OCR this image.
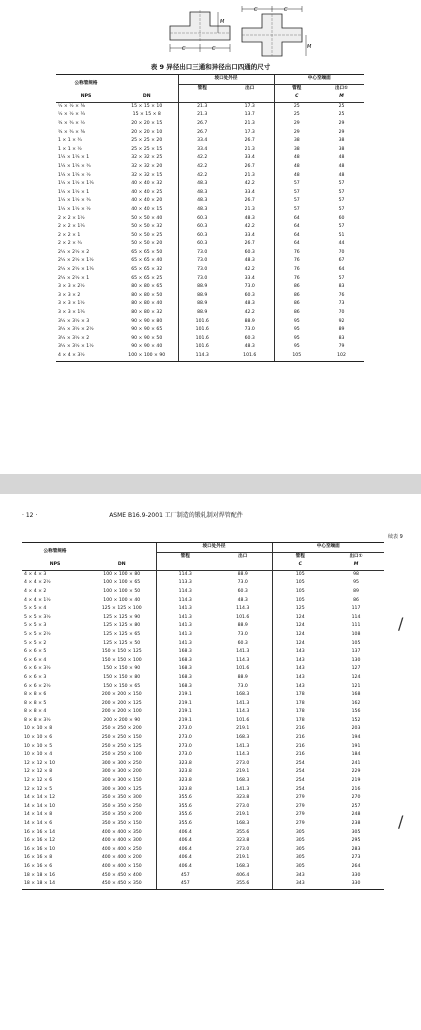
C	C
M
C	C
M
表 9 异径出口三通和异径出口四通的尺寸
公称管规格		坡口处外径		中心至端面	
		管程	出口	管程	出口①
NPS	DN			C	M
½ × ½ × ⅜	15 × 15 × 10	21.3	17.3	25	25
½ × ½ × ¼	15 × 15 × 8	21.3	13.7	25	25
¾ × ¾ × ½	20 × 20 × 15	26.7	21.3	29	29
¾ × ¾ × ⅜	20 × 20 × 10	26.7	17.3	29	29
1 × 1 × ¾	25 × 25 × 20	33.4	26.7	38	38
1 × 1 × ½	25 × 25 × 15	33.4	21.3	38	38
1¼ × 1¼ × 1	32 × 32 × 25	42.2	33.4	48	48
1¼ × 1¼ × ¾	32 × 32 × 20	42.2	26.7	48	48
1¼ × 1¼ × ½	32 × 32 × 15	42.2	21.3	48	48
1½ × 1½ × 1¼	40 × 40 × 32	48.3	42.2	57	57
1½ × 1½ × 1	40 × 40 × 25	48.3	33.4	57	57
1½ × 1½ × ¾	40 × 40 × 20	48.3	26.7	57	57
1½ × 1½ × ½	40 × 40 × 15	48.3	21.3	57	57
2 × 2 × 1½	50 × 50 × 40	60.3	48.3	64	60
2 × 2 × 1¼	50 × 50 × 32	60.3	42.2	64	57
2 × 2 × 1	50 × 50 × 25	60.3	33.4	64	51
2 × 2 × ¾	50 × 50 × 20	60.3	26.7	64	44
2½ × 2½ × 2	65 × 65 × 50	73.0	60.3	76	70
2½ × 2½ × 1½	65 × 65 × 40	73.0	48.3	76	67
2½ × 2½ × 1¼	65 × 65 × 32	73.0	42.2	76	64
2½ × 2½ × 1	65 × 65 × 25	73.0	33.4	76	57
3 × 3 × 2½	80 × 80 × 65	88.9	73.0	86	83
3 × 3 × 2	80 × 80 × 50	88.9	60.3	86	76
3 × 3 × 1½	80 × 80 × 40	88.9	48.3	86	73
3 × 3 × 1¼	80 × 80 × 32	88.9	42.2	86	70
3½ × 3½ × 3	90 × 90 × 80	101.6	88.9	95	92
3½ × 3½ × 2½	90 × 90 × 65	101.6	73.0	95	89
3½ × 3½ × 2	90 × 90 × 50	101.6	60.3	95	83
3½ × 3½ × 1½	90 × 90 × 40	101.6	48.3	95	79
4 × 4 × 3½	100 × 100 × 90	114.3	101.6	105	102
· 12 ·	ASME B16.9-2001 工厂制造的锻轧制对焊管配件
续表 9
公称管规格		坡口处外径		中心至端面	
		管程	出口	管程	出口①
NPS	DN			C	M
4 × 4 × 3	100 × 100 × 80	114.3	88.9	105	98
4 × 4 × 2½	100 × 100 × 65	113.3	73.0	105	95
4 × 4 × 2	100 × 100 × 50	114.3	60.3	105	89
4 × 4 × 1½	100 × 100 × 40	114.3	48.3	105	86
5 × 5 × 4	125 × 125 × 100	141.3	114.3	125	117
5 × 5 × 3½	125 × 125 × 90	141.3	101.6	124	114
5 × 5 × 3	125 × 125 × 80	141.3	88.9	124	111
5 × 5 × 2½	125 × 125 × 65	141.3	73.0	124	108
5 × 5 × 2	125 × 125 × 50	141.3	60.3	124	105
6 × 6 × 5	150 × 150 × 125	168.3	141.3	143	137
6 × 6 × 4	150 × 150 × 100	168.3	114.3	143	130
6 × 6 × 3½	150 × 150 × 90	168.3	101.6	143	127
6 × 6 × 3	150 × 150 × 80	168.3	88.9	143	124
6 × 6 × 2½	150 × 150 × 65	168.3	73.0	143	121
8 × 8 × 6	200 × 200 × 150	219.1	168.3	178	168
8 × 8 × 5	200 × 200 × 125	219.1	141.3	178	162
8 × 8 × 4	200 × 200 × 100	219.1	114.3	178	156
8 × 8 × 3½	200 × 200 × 90	219.1	101.6	178	152
10 × 10 × 8	250 × 250 × 200	273.0	219.1	216	203
10 × 10 × 6	250 × 250 × 150	273.0	168.3	216	194
10 × 10 × 5	250 × 250 × 125	273.0	141.3	216	191
10 × 10 × 4	250 × 250 × 100	273.0	114.3	216	184
12 × 12 × 10	300 × 300 × 250	323.8	273.0	254	241
12 × 12 × 8	300 × 300 × 200	323.8	219.1	254	229
12 × 12 × 6	300 × 300 × 150	323.8	168.3	254	219
12 × 12 × 5	300 × 300 × 125	323.8	141.3	254	216
14 × 14 × 12	350 × 350 × 300	355.6	323.8	279	270
14 × 14 × 10	350 × 350 × 250	355.6	273.0	279	257
14 × 14 × 8	350 × 350 × 200	355.6	219.1	279	248
14 × 14 × 6	350 × 350 × 150	355.6	168.3	279	238
16 × 16 × 14	400 × 400 × 350	406.4	355.6	305	305
16 × 16 × 12	400 × 400 × 300	406.4	323.8	305	295
16 × 16 × 10	400 × 400 × 250	406.4	273.0	305	283
16 × 16 × 8	400 × 400 × 200	406.4	219.1	305	273
16 × 16 × 6	400 × 400 × 150	406.4	168.3	305	264
18 × 18 × 16	450 × 450 × 400	457	406.4	343	330
18 × 18 × 14	450 × 450 × 350	457	355.6	343	330
/
/
